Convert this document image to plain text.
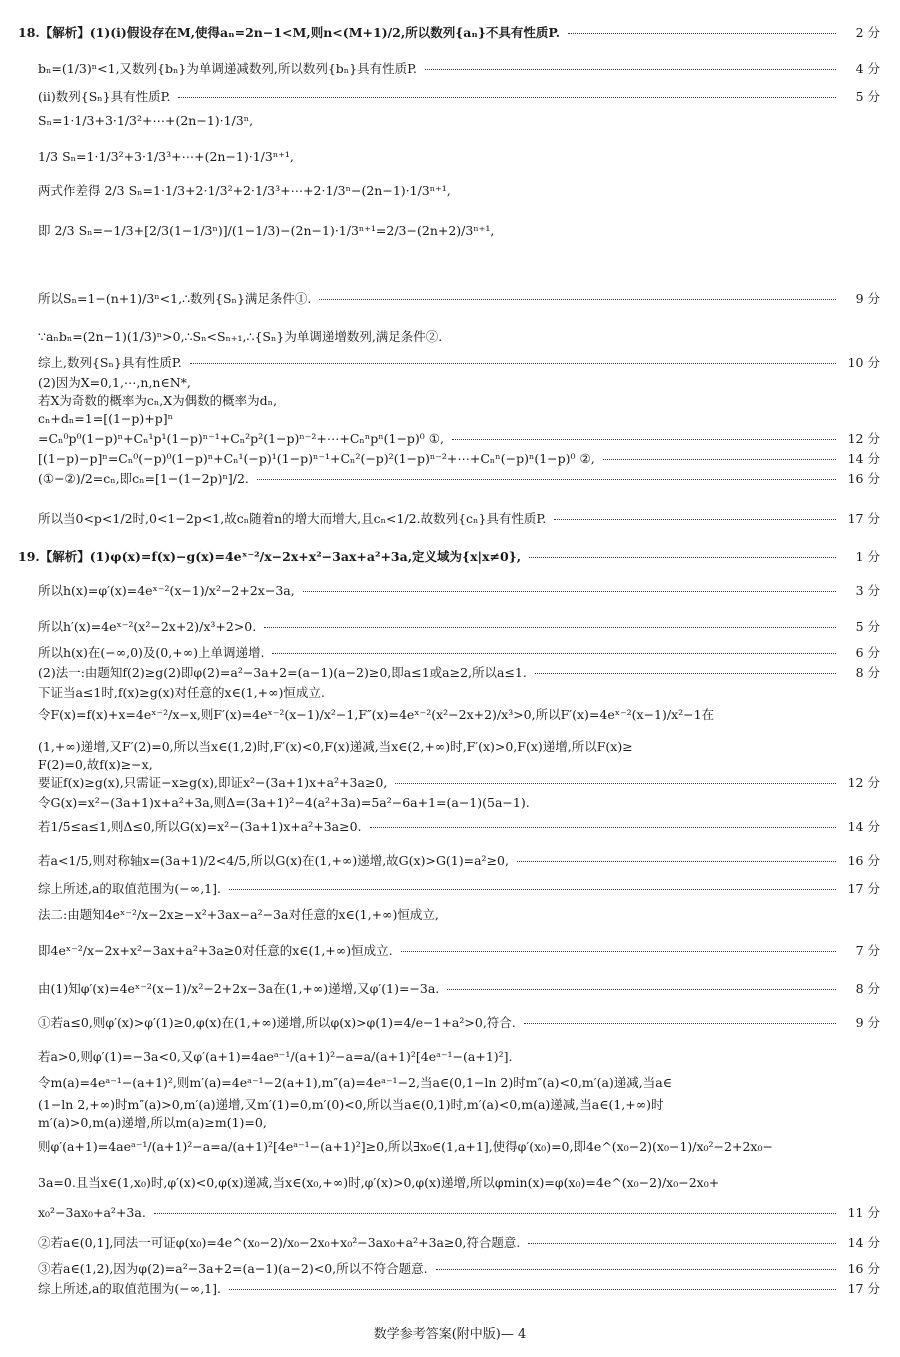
18.【解析】(1)(ⅰ)假设存在M,使得aₙ=2n−1<M,则n<(M+1)/2,所以数列{aₙ}不具有性质P.	2 分
bₙ=(1/3)ⁿ<1,又数列{bₙ}为单调递减数列,所以数列{bₙ}具有性质P.	4 分
(ⅱ)数列{Sₙ}具有性质P.	5 分
Sₙ=1·1/3+3·1/3²+⋯+(2n−1)·1/3ⁿ,
1/3 Sₙ=1·1/3²+3·1/3³+⋯+(2n−1)·1/3ⁿ⁺¹,
两式作差得 2/3 Sₙ=1·1/3+2·1/3²+2·1/3³+⋯+2·1/3ⁿ−(2n−1)·1/3ⁿ⁺¹,
即 2/3 Sₙ=−1/3+[2/3(1−1/3ⁿ)]/(1−1/3)−(2n−1)·1/3ⁿ⁺¹=2/3−(2n+2)/3ⁿ⁺¹,
所以Sₙ=1−(n+1)/3ⁿ<1,∴数列{Sₙ}满足条件①.	9 分
∵aₙbₙ=(2n−1)(1/3)ⁿ>0,∴Sₙ<Sₙ₊₁,∴{Sₙ}为单调递增数列,满足条件②.
综上,数列{Sₙ}具有性质P.	10 分
(2)因为X=0,1,⋯,n,n∈N*,
若X为奇数的概率为cₙ,X为偶数的概率为dₙ,
cₙ+dₙ=1=[(1−p)+p]ⁿ
=Cₙ⁰p⁰(1−p)ⁿ+Cₙ¹p¹(1−p)ⁿ⁻¹+Cₙ²p²(1−p)ⁿ⁻²+⋯+Cₙⁿpⁿ(1−p)⁰ ①,	12 分
[(1−p)−p]ⁿ=Cₙ⁰(−p)⁰(1−p)ⁿ+Cₙ¹(−p)¹(1−p)ⁿ⁻¹+Cₙ²(−p)²(1−p)ⁿ⁻²+⋯+Cₙⁿ(−p)ⁿ(1−p)⁰ ②,	14 分
(①−②)/2=cₙ,即cₙ=[1−(1−2p)ⁿ]/2.	16 分
所以当0<p<1/2时,0<1−2p<1,故cₙ随着n的增大而增大,且cₙ<1/2.故数列{cₙ}具有性质P.	17 分
19.【解析】(1)φ(x)=f(x)−g(x)=4eˣ⁻²/x−2x+x²−3ax+a²+3a,定义域为{x|x≠0},	1 分
所以h(x)=φ′(x)=4eˣ⁻²(x−1)/x²−2+2x−3a,	3 分
所以h′(x)=4eˣ⁻²(x²−2x+2)/x³+2>0.	5 分
所以h(x)在(−∞,0)及(0,+∞)上单调递增.	6 分
(2)法一:由题知f(2)≥g(2)即φ(2)=a²−3a+2=(a−1)(a−2)≥0,即a≤1或a≥2,所以a≤1.	8 分
下证当a≤1时,f(x)≥g(x)对任意的x∈(1,+∞)恒成立.
令F(x)=f(x)+x=4eˣ⁻²/x−x,则F′(x)=4eˣ⁻²(x−1)/x²−1,F″(x)=4eˣ⁻²(x²−2x+2)/x³>0,所以F′(x)=4eˣ⁻²(x−1)/x²−1在
(1,+∞)递增,又F′(2)=0,所以当x∈(1,2)时,F′(x)<0,F(x)递减,当x∈(2,+∞)时,F′(x)>0,F(x)递增,所以F(x)≥
F(2)=0,故f(x)≥−x,
要证f(x)≥g(x),只需证−x≥g(x),即证x²−(3a+1)x+a²+3a≥0,	12 分
令G(x)=x²−(3a+1)x+a²+3a,则Δ=(3a+1)²−4(a²+3a)=5a²−6a+1=(a−1)(5a−1).
若1/5≤a≤1,则Δ≤0,所以G(x)=x²−(3a+1)x+a²+3a≥0.	14 分
若a<1/5,则对称轴x=(3a+1)/2<4/5,所以G(x)在(1,+∞)递增,故G(x)>G(1)=a²≥0,	16 分
综上所述,a的取值范围为(−∞,1].	17 分
法二:由题知4eˣ⁻²/x−2x≥−x²+3ax−a²−3a对任意的x∈(1,+∞)恒成立,
即4eˣ⁻²/x−2x+x²−3ax+a²+3a≥0对任意的x∈(1,+∞)恒成立.	7 分
由(1)知φ′(x)=4eˣ⁻²(x−1)/x²−2+2x−3a在(1,+∞)递增,又φ′(1)=−3a.	8 分
①若a≤0,则φ′(x)>φ′(1)≥0,φ(x)在(1,+∞)递增,所以φ(x)>φ(1)=4/e−1+a²>0,符合.	9 分
若a>0,则φ′(1)=−3a<0,又φ′(a+1)=4aeᵃ⁻¹/(a+1)²−a=a/(a+1)²[4eᵃ⁻¹−(a+1)²].
令m(a)=4eᵃ⁻¹−(a+1)²,则m′(a)=4eᵃ⁻¹−2(a+1),m″(a)=4eᵃ⁻¹−2,当a∈(0,1−ln 2)时m″(a)<0,m′(a)递减,当a∈
(1−ln 2,+∞)时m″(a)>0,m′(a)递增,又m′(1)=0,m′(0)<0,所以当a∈(0,1)时,m′(a)<0,m(a)递减,当a∈(1,+∞)时
m′(a)>0,m(a)递增,所以m(a)≥m(1)=0,
则φ′(a+1)=4aeᵃ⁻¹/(a+1)²−a=a/(a+1)²[4eᵃ⁻¹−(a+1)²]≥0,所以∃x₀∈(1,a+1],使得φ′(x₀)=0,即4e^(x₀−2)(x₀−1)/x₀²−2+2x₀−
3a=0.且当x∈(1,x₀)时,φ′(x)<0,φ(x)递减,当x∈(x₀,+∞)时,φ′(x)>0,φ(x)递增,所以φmin(x)=φ(x₀)=4e^(x₀−2)/x₀−2x₀+
x₀²−3ax₀+a²+3a.	11 分
②若a∈(0,1],同法一可证φ(x₀)=4e^(x₀−2)/x₀−2x₀+x₀²−3ax₀+a²+3a≥0,符合题意.	14 分
③若a∈(1,2),因为φ(2)=a²−3a+2=(a−1)(a−2)<0,所以不符合题意.	16 分
综上所述,a的取值范围为(−∞,1].	17 分
数学参考答案(附中版)— 4
